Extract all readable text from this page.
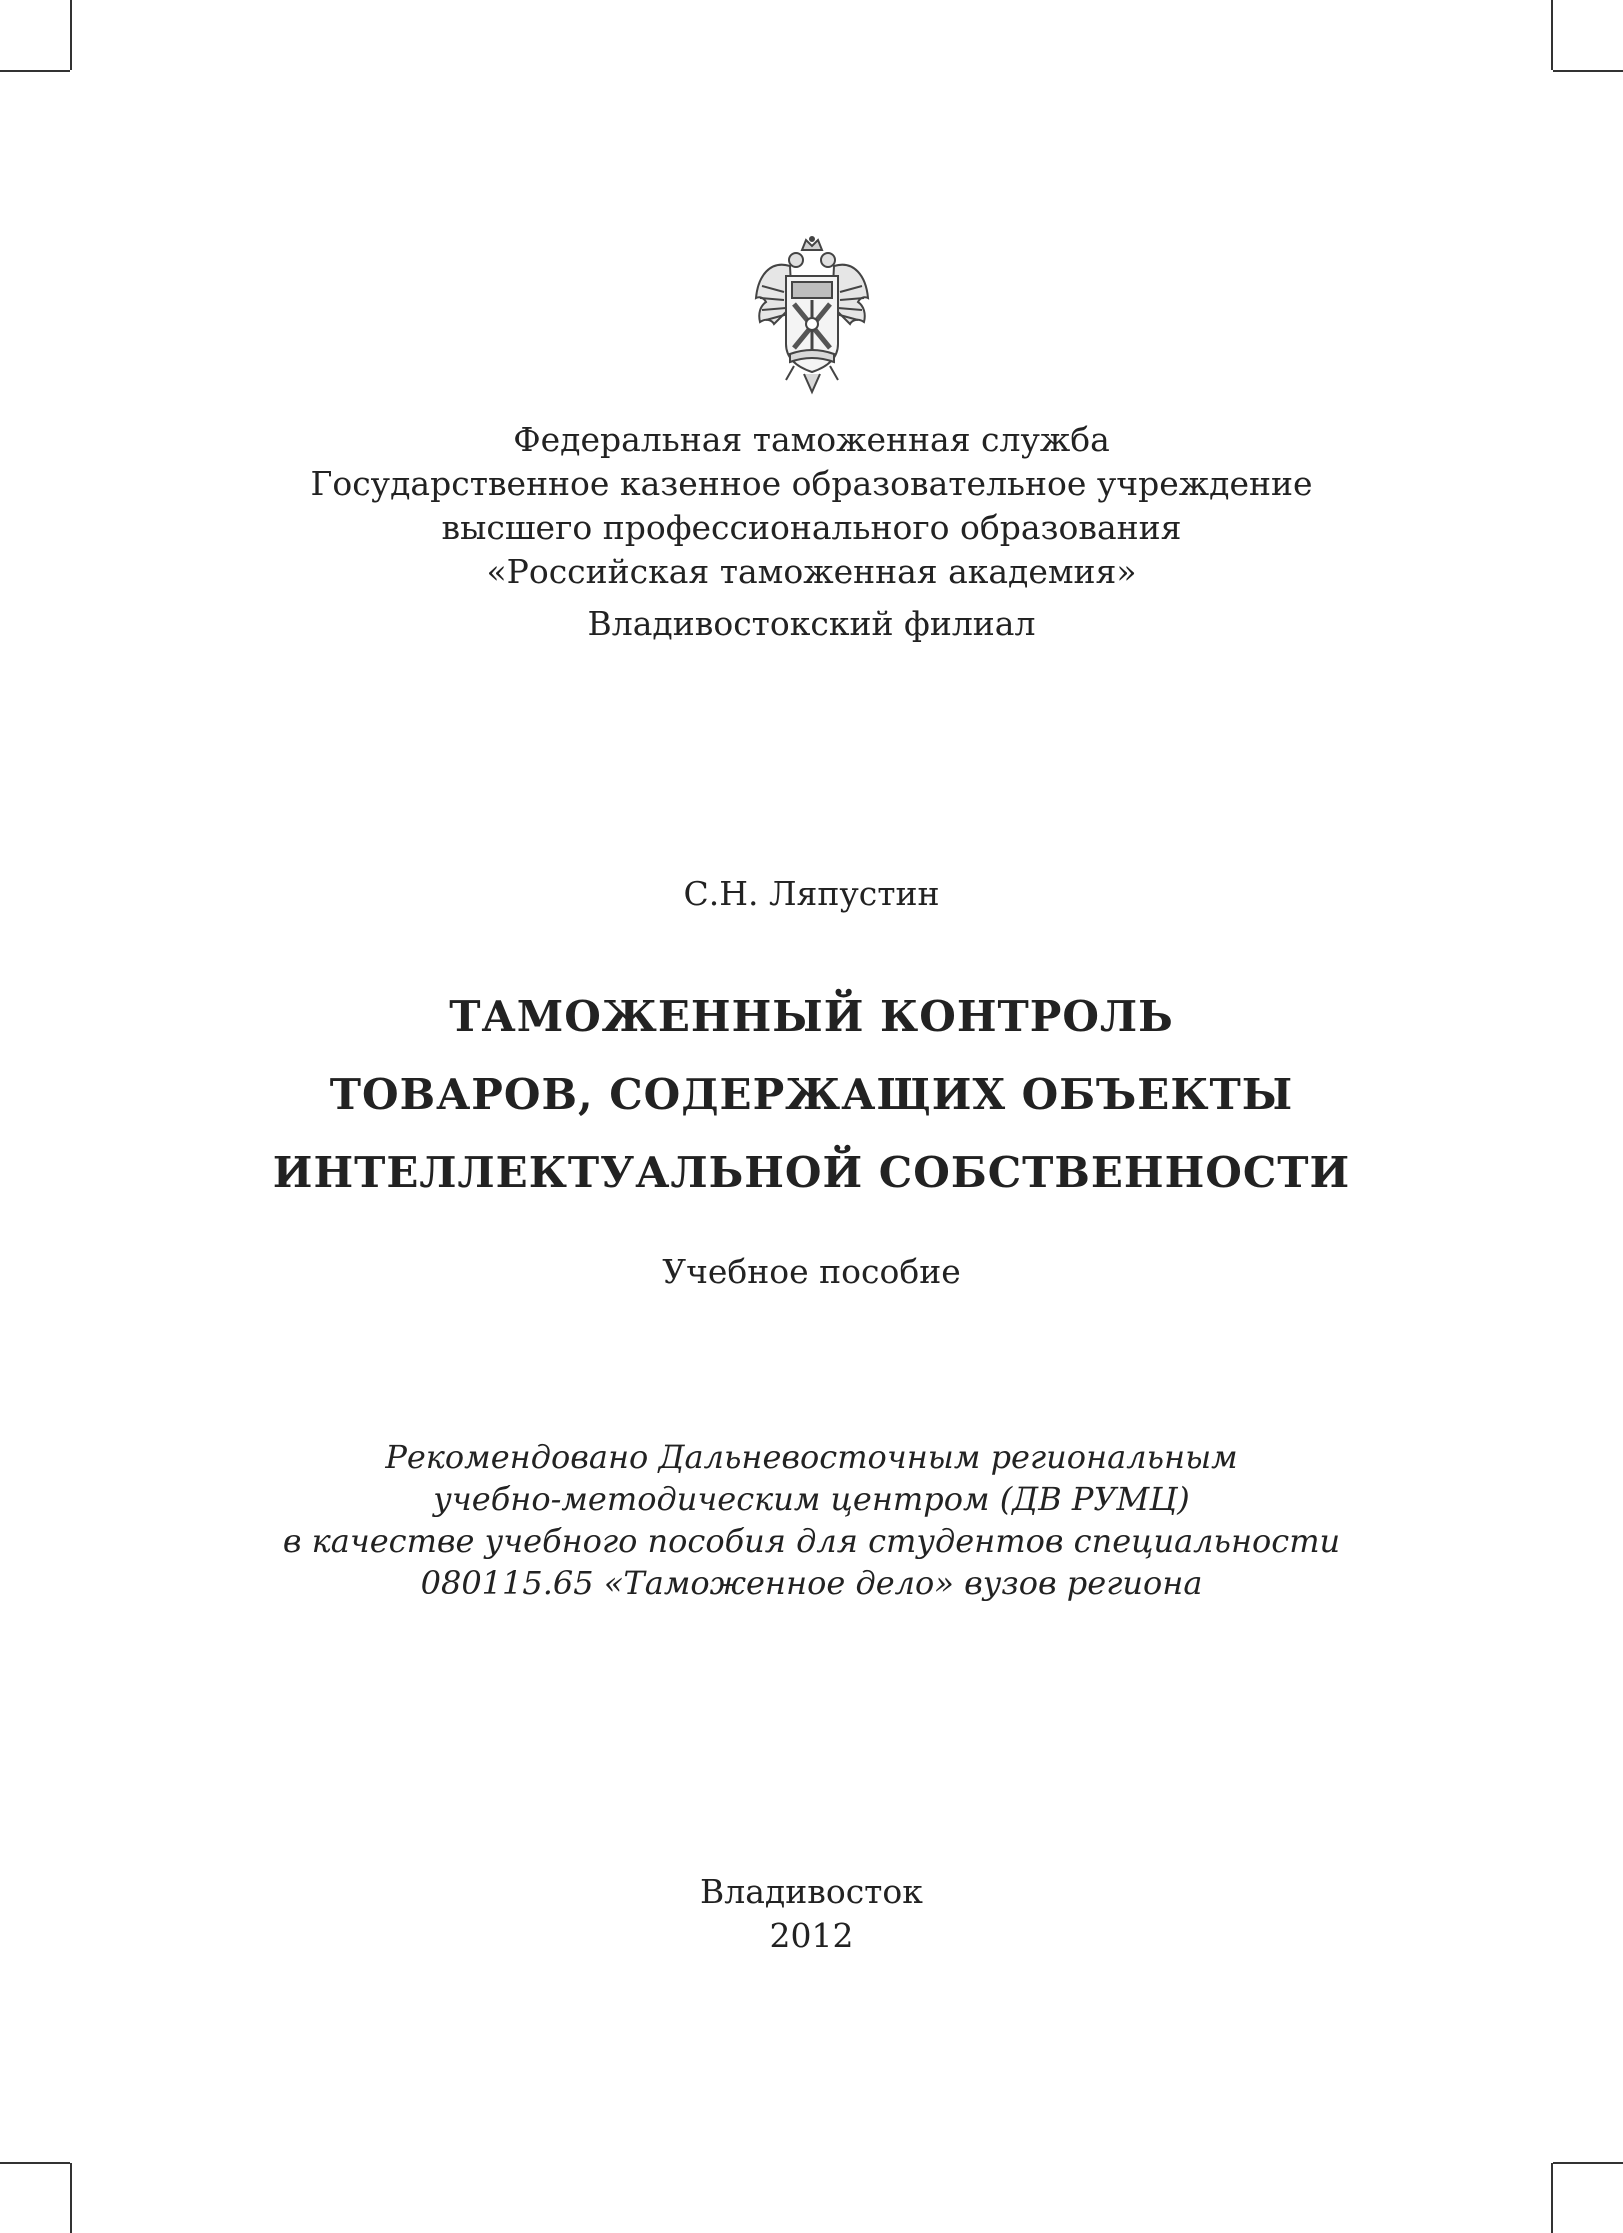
Федеральная таможенная служба
Государственное казенное образовательное учреждение
высшего профессионального образования
«Российская таможенная академия»
Владивостокский филиал
С.Н. Ляпустин
ТАМОЖЕННЫЙ КОНТРОЛЬ
ТОВАРОВ, СОДЕРЖАЩИХ ОБЪЕКТЫ
ИНТЕЛЛЕКТУАЛЬНОЙ СОБСТВЕННОСТИ
Учебное пособие
Рекомендовано Дальневосточным региональным
учебно-методическим центром (ДВ РУМЦ)
в качестве учебного пособия для студентов специальности
080115.65 «Таможенное дело» вузов региона
Владивосток
2012
